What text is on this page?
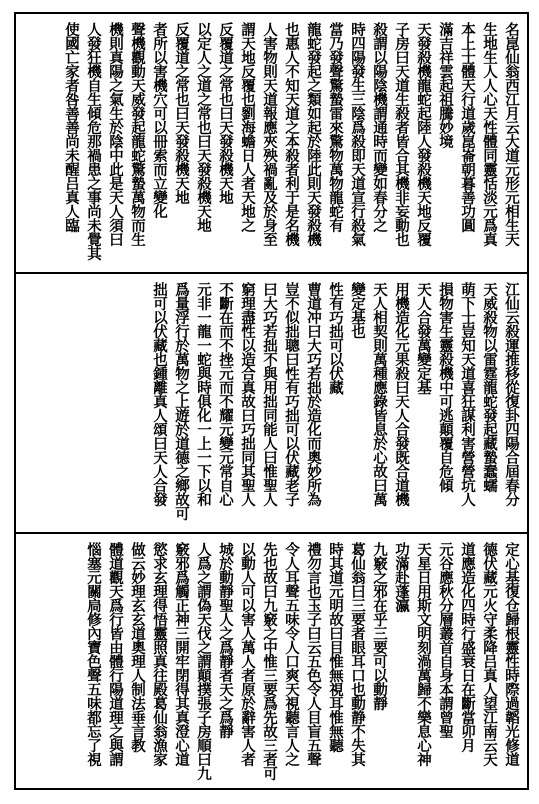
名崑仙翁西江月云大道元形元相生天
生地生人人心天性體同靈恬淡元爲真
本上士體天行道歲崑崙朝暮善功圓
滿吉祥雲起祖騰妙境
天發殺機龍蛇起陸人發殺機天地反覆
子房曰天道生殺者皆合其機非妄動也
殺謂以陽陰機謂通時而變如春分之
時四陽發生三陰爲殺即天道宣行殺氣
當乃發聲驚蟄雷來驚物萬物龍蛇有
龍蛇發起之類如起於陸此則天發殺機
也惠人不知天道之本殺者利于是名機
人害物則天道報應夾殃禍亂及於身至
謂天地反覆也劉海蟾日人者天地之
反覆道之常也曰天發殺機天地
以定人之道之常也曰天發殺機天地
反覆道之常也曰天發殺機天地
者所以害機穴可以冊索而立變化
聲機觀動天威發起龍蛇驚蟄萬物而生
機則真陽之氣生於陰中此是天人須曰
人發狂機自生傾危那禍患之事尚未覺其
使國亡家者咎善善尚未醒吕真人臨
江仙云殺運推移從復卦四陽合屆春分
天威殺物以雷霆龍蛇發起藏蟄蠢蠕
萌下士豈知天道喜狂謀利害營營坑人
損物害生靈殺機中可逃顛覆自危傾
天人合發萬變定基
用機造化元果殺曰天人合發既合道機
天人相契則萬種應錄皆息於心故曰萬
變定基也
性有巧拙可以伏藏
曹道冲曰大巧若拙於造化而奧妙所為
豈不似拙聰曰性有巧拙可以伏藏老子
曰大巧若拙不與用拙同能人曰惟聖人
窮理盡性以造合真故曰巧拙同其聖人
不斷在而不挫元而不耀元變元常自心
元非一龍一蛇與時俱化一上一下以和
爲量浮行於萬物之上遊於道德之鄉故可
拙可以伏藏也鍾離真人頌曰天人合發
定心基復仓歸根靈性時際過韜光修道
德伏藏元火守柔降吕真人望江南云天
道應造化四時行盛衰日在斷當卯月
元谷應秋分層叢首自身本謂曾聖
天星日用斯文明刻渦萬歸不樂息心神
功滿赴蓬瀛
九竅之邪在乎三要可以動靜
葛仙翁曰三要者眼耳口也動静不失其
時其道元明故曰目惟無視耳惟無聽
禮勿言也玉子曰云五色令人目盲五聲
令人耳聲五味令人口爽天視聽言人之
先也故曰九竅之中惟三要爲先故三者可
以動人可以害人萬人者原於辭害人者
城於動靜聖人之爲靜者天之爲靜
人爲之謂偽天伐之謂顛撲張子房順曰九
竅邪爲觸正神三開牢閉得其真澄心道
慾求玄理得悟靈照真往殿葛仙翁漁家
做云妙理玄玄道奧理人制法垂言教
體道觀天爲行皆由體行陽道理之與謂
惱塞元關扃修內寶色聲五味都忘了視
